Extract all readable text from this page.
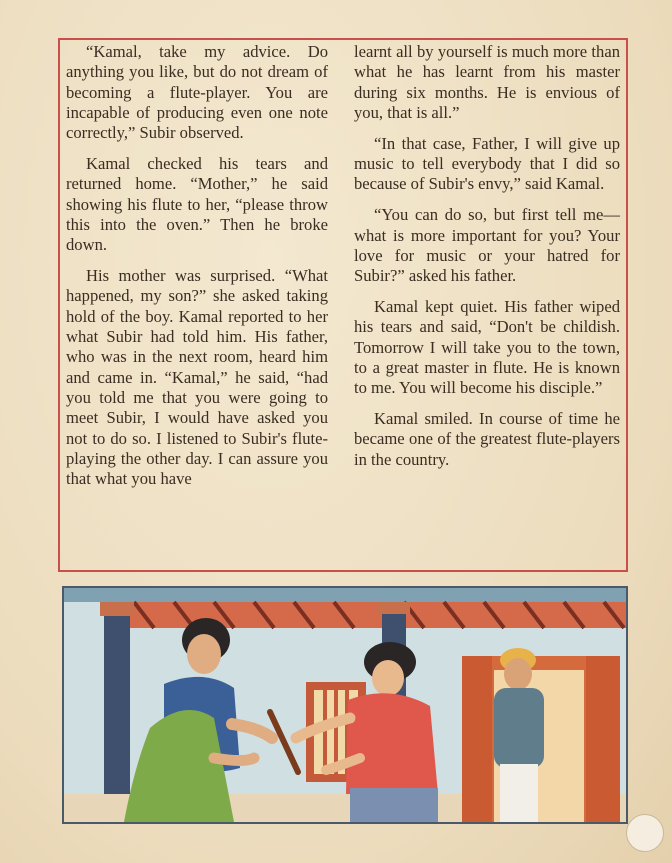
“Kamal, take my advice. Do anything you like, but do not dream of becoming a flute-player. You are incapable of producing even one note correctly,” Subir observed.

Kamal checked his tears and returned home. “Mother,” he said showing his flute to her, “please throw this into the oven.” Then he broke down.

His mother was surprised. “What happened, my son?” she asked taking hold of the boy. Kamal reported to her what Subir had told him. His father, who was in the next room, heard him and came in. “Kamal,” he said, “had you told me that you were going to meet Subir, I would have asked you not to do so. I listened to Subir's flute-playing the other day. I can assure you that what you have

learnt all by yourself is much more than what he has learnt from his master during six months. He is envious of you, that is all.”

“In that case, Father, I will give up music to tell everybody that I did so because of Subir's envy,” said Kamal.

“You can do so, but first tell me—what is more important for you? Your love for music or your hatred for Subir?” asked his father.

Kamal kept quiet. His father wiped his tears and said, “Don't be childish. Tomorrow I will take you to the town, to a great master in flute. He is known to me. You will become his disciple.”

Kamal smiled. In course of time he became one of the greatest flute-players in the country.
